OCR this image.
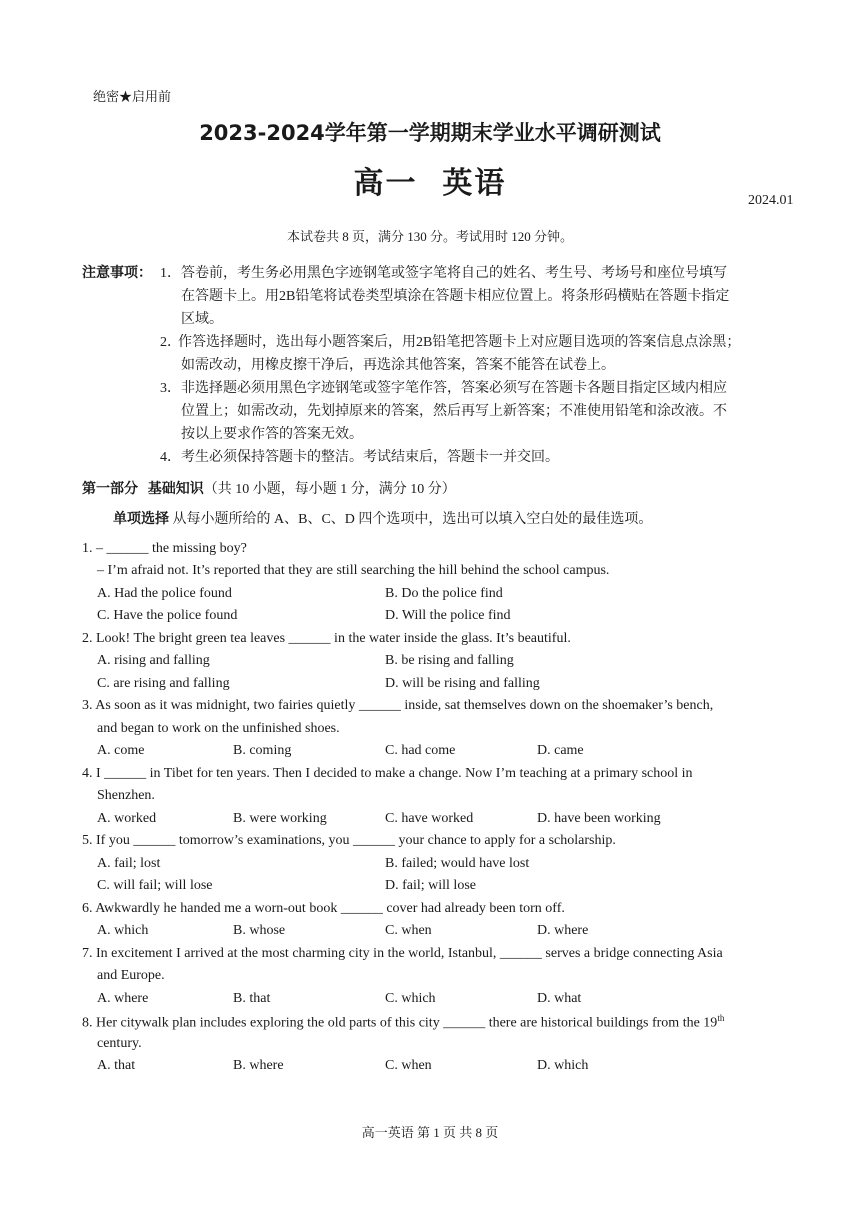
绝密★启用前
2023-2024学年第一学期期末学业水平调研测试
高一  英语	2024.01
本试卷共 8 页，满分 130 分。考试用时 120 分钟。
注意事项： 1． 答卷前，考生务必用黑色字迹钢笔或签字笔将自己的姓名、考生号、考场号和座位号填写
在答题卡上。用2B铅笔将试卷类型填涂在答题卡相应位置上。将条形码横贴在答题卡指定
区域。
2．
作答选择题时，选出每小题答案后，用2B铅笔把答题卡上对应题目选项的答案信息点涂黑；
如需改动，用橡皮擦干净后，再选涂其他答案，答案不能答在试卷上。
3． 非选择题必须用黑色字迹钢笔或签字笔作答，答案必须写在答题卡各题目指定区域内相应
位置上；如需改动，先划掉原来的答案，然后再写上新答案；不准使用铅笔和涂改液。不
按以上要求作答的答案无效。
4． 考生必须保持答题卡的整洁。考试结束后，答题卡一并交回。
第一部分  基础知识（共 10 小题，每小题 1 分，满分 10 分）
单项选择 从每小题所给的 A、B、C、D 四个选项中，选出可以填入空白处的最佳选项。
1. – ______ the missing boy?
– I’m afraid not. It’s reported that they are still searching the hill behind the school campus.
A. Had the police found	B. Do the police find
C. Have the police found	D. Will the police find
2. Look! The bright green tea leaves ______ in the water inside the glass. It’s beautiful.
A. rising and falling	B. be rising and falling
C. are rising and falling	D. will be rising and falling
3. As soon as it was midnight, two fairies quietly ______ inside, sat themselves down on the shoemaker’s bench,
and began to work on the unfinished shoes.
A. come	B. coming	C. had come	D. came
4. I ______ in Tibet for ten years. Then I decided to make a change. Now I’m teaching at a primary school in
Shenzhen.
A. worked	B. were working	C. have worked	D. have been working
5. If you ______ tomorrow’s examinations, you ______ your chance to apply for a scholarship.
A. fail; lost	B. failed; would have lost
C. will fail; will lose	D. fail; will lose
6. Awkwardly he handed me a worn-out book ______ cover had already been torn off.
A. which	B. whose	C. when	D. where
7. In excitement I arrived at the most charming city in the world, Istanbul, ______ serves a bridge connecting Asia
and Europe.
A. where	B. that	C. which	D. what
8. Her citywalk plan includes exploring the old parts of this city ______ there are historical buildings from the 19th
century.
A. that	B. where	C. when	D. which
高一英语 第 1 页 共 8 页
